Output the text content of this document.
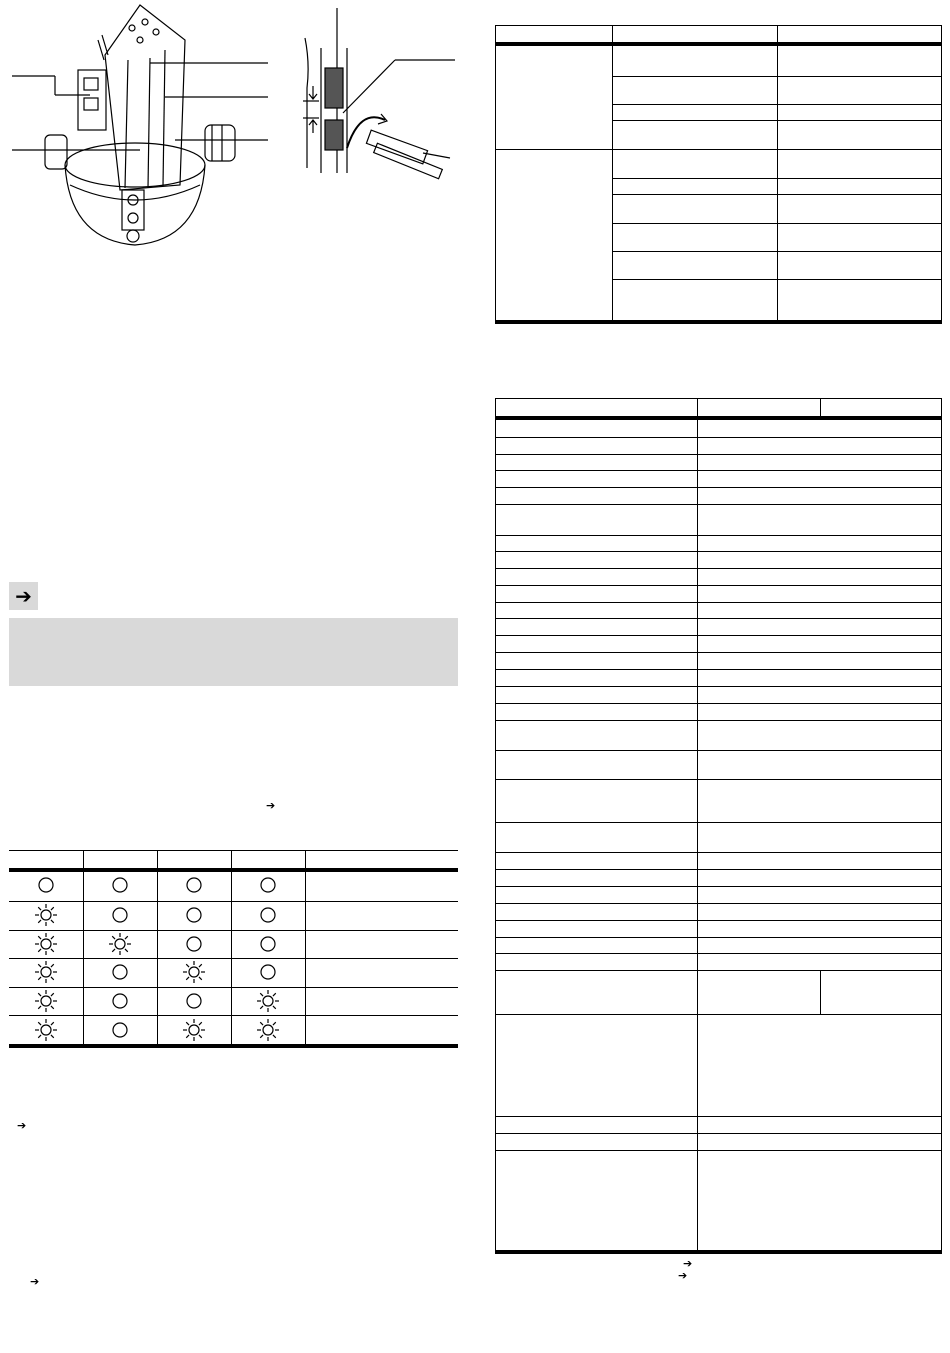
➔
➔
➔
➔
➔
➔
